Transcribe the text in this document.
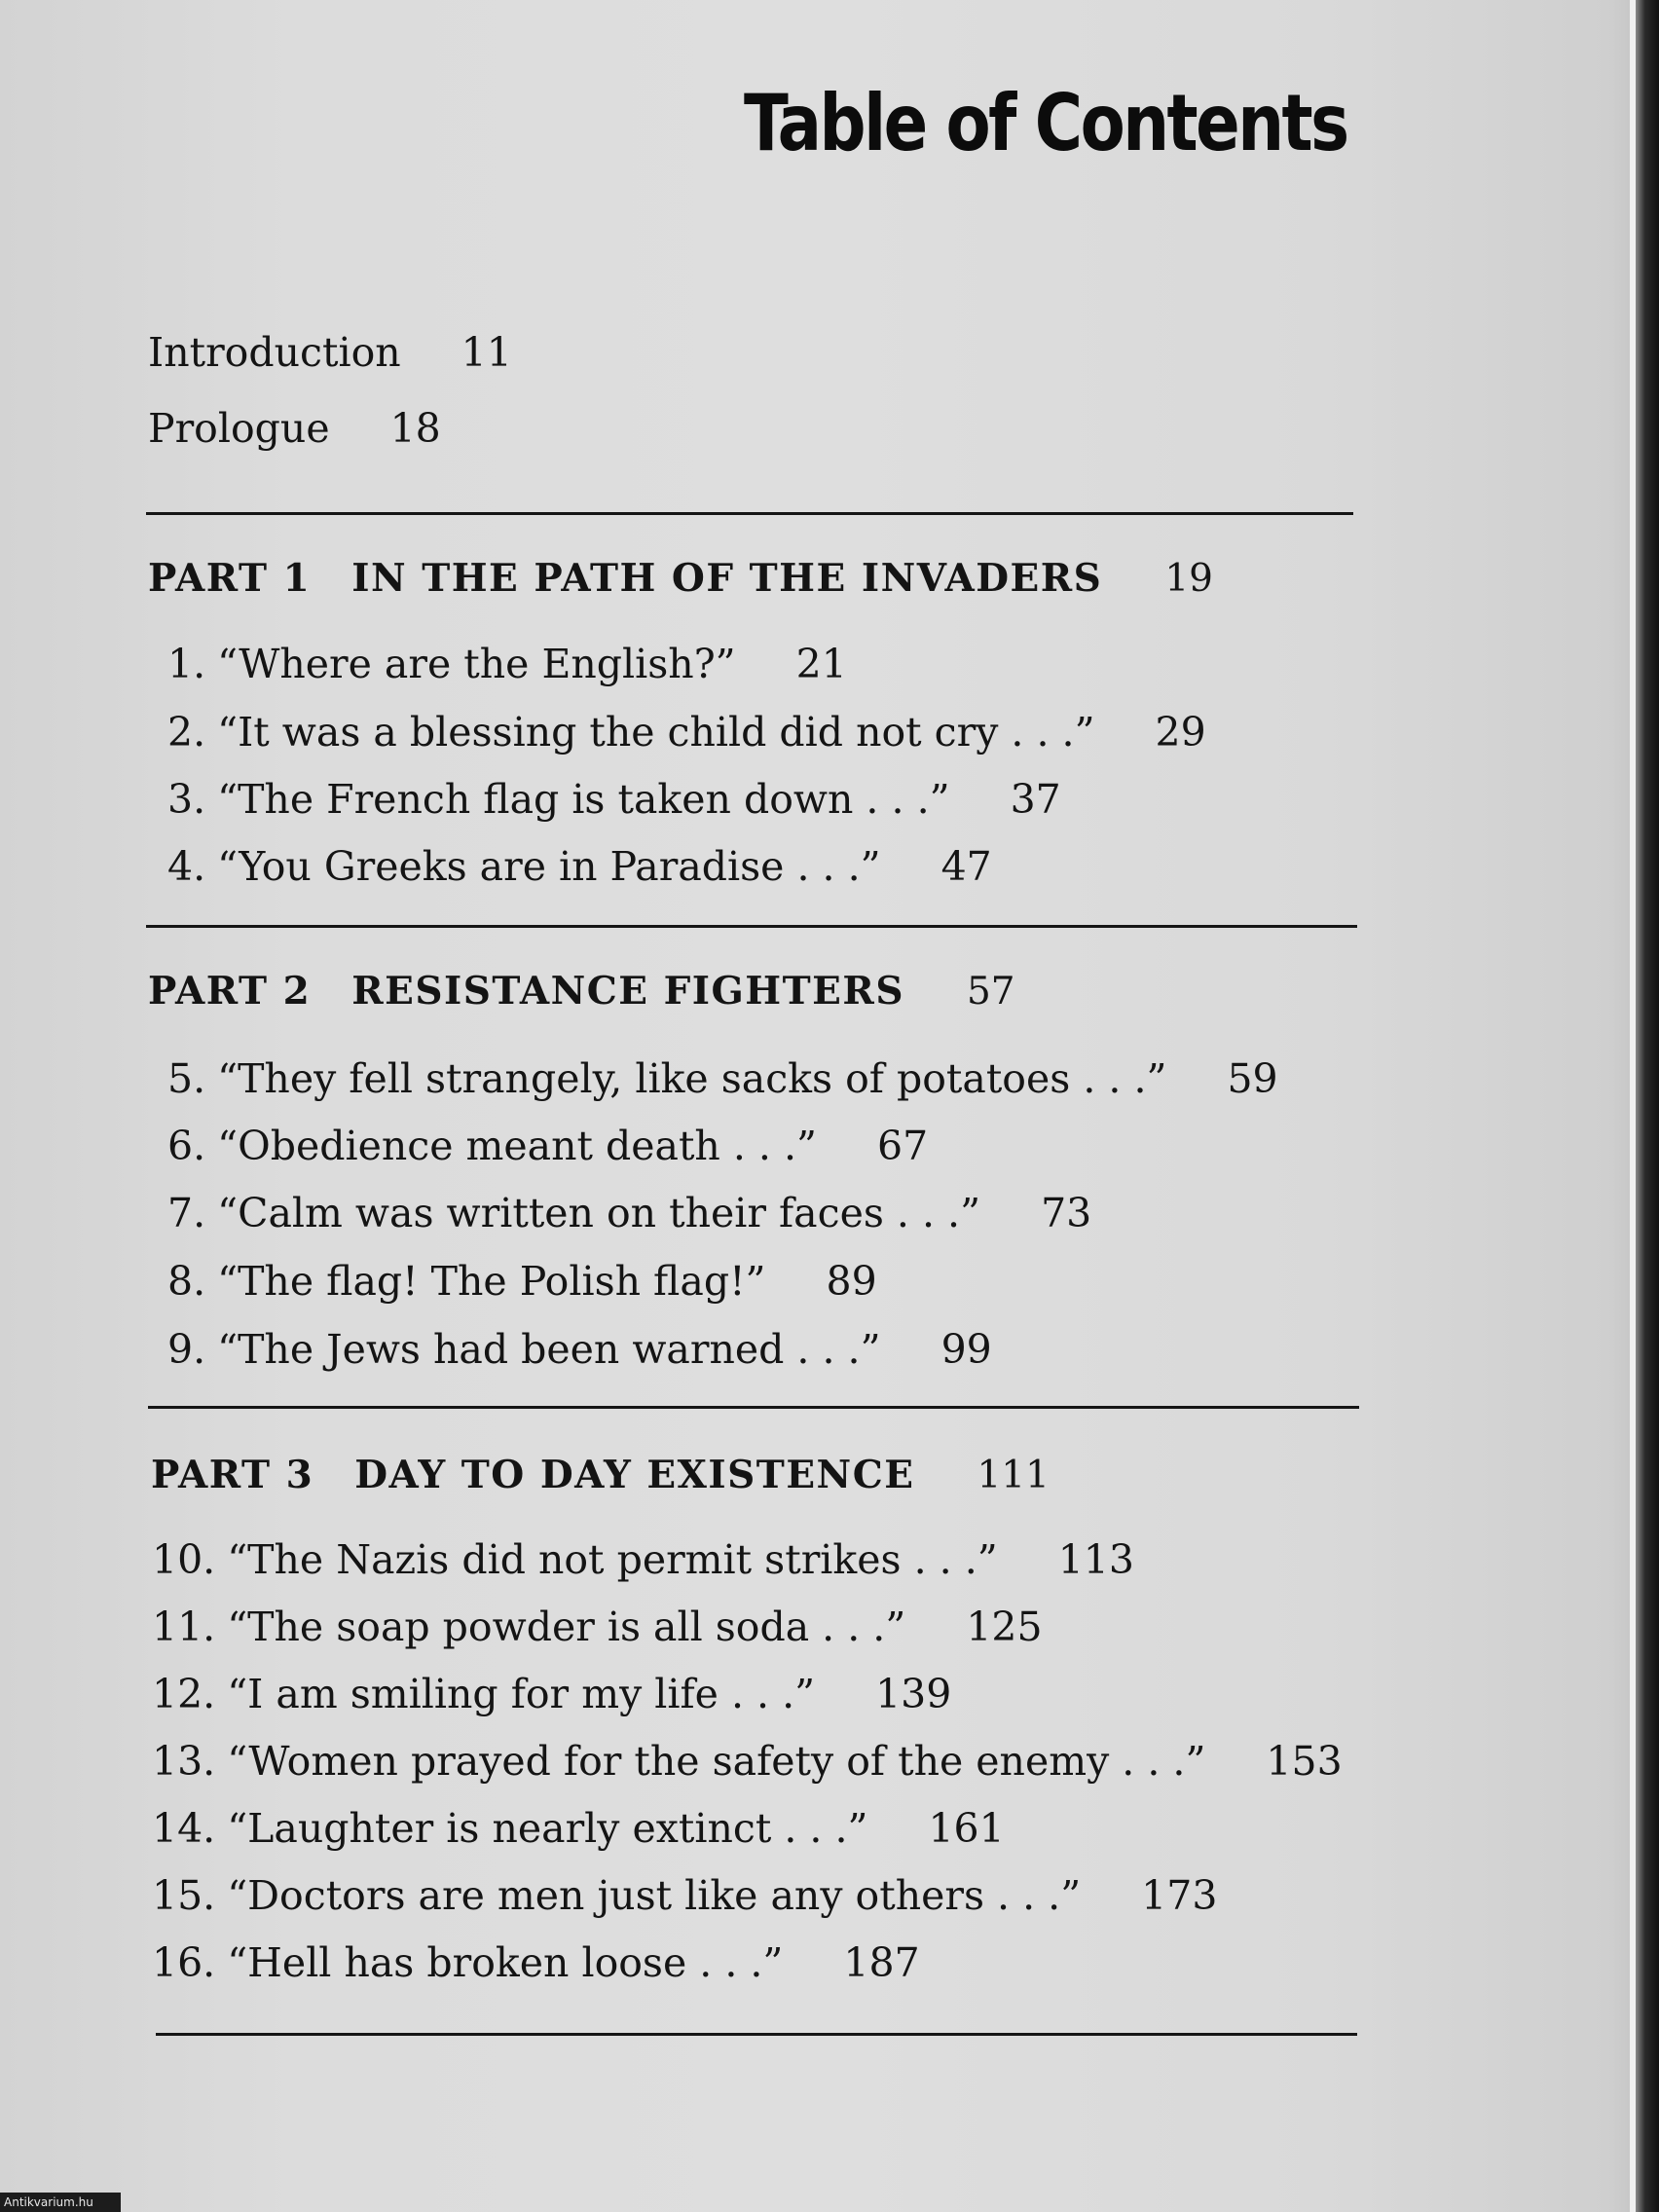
Table of Contents
Introduction 11
Prologue 18
PART 1 IN THE PATH OF THE INVADERS 19
1. “Where are the English?” 21
2. “It was a blessing the child did not cry . . .” 29
3. “The French flag is taken down . . .” 37
4. “You Greeks are in Paradise . . .” 47
PART 2 RESISTANCE FIGHTERS 57
5. “They fell strangely, like sacks of potatoes . . .” 59
6. “Obedience meant death . . .” 67
7. “Calm was written on their faces . . .” 73
8. “The flag! The Polish flag!” 89
9. “The Jews had been warned . . .” 99
PART 3 DAY TO DAY EXISTENCE 111
10. “The Nazis did not permit strikes . . .” 113
11. “The soap powder is all soda . . .” 125
12. “I am smiling for my life . . .” 139
13. “Women prayed for the safety of the enemy . . .” 153
14. “Laughter is nearly extinct . . .” 161
15. “Doctors are men just like any others . . .” 173
16. “Hell has broken loose . . .” 187
Antikvarium.hu
